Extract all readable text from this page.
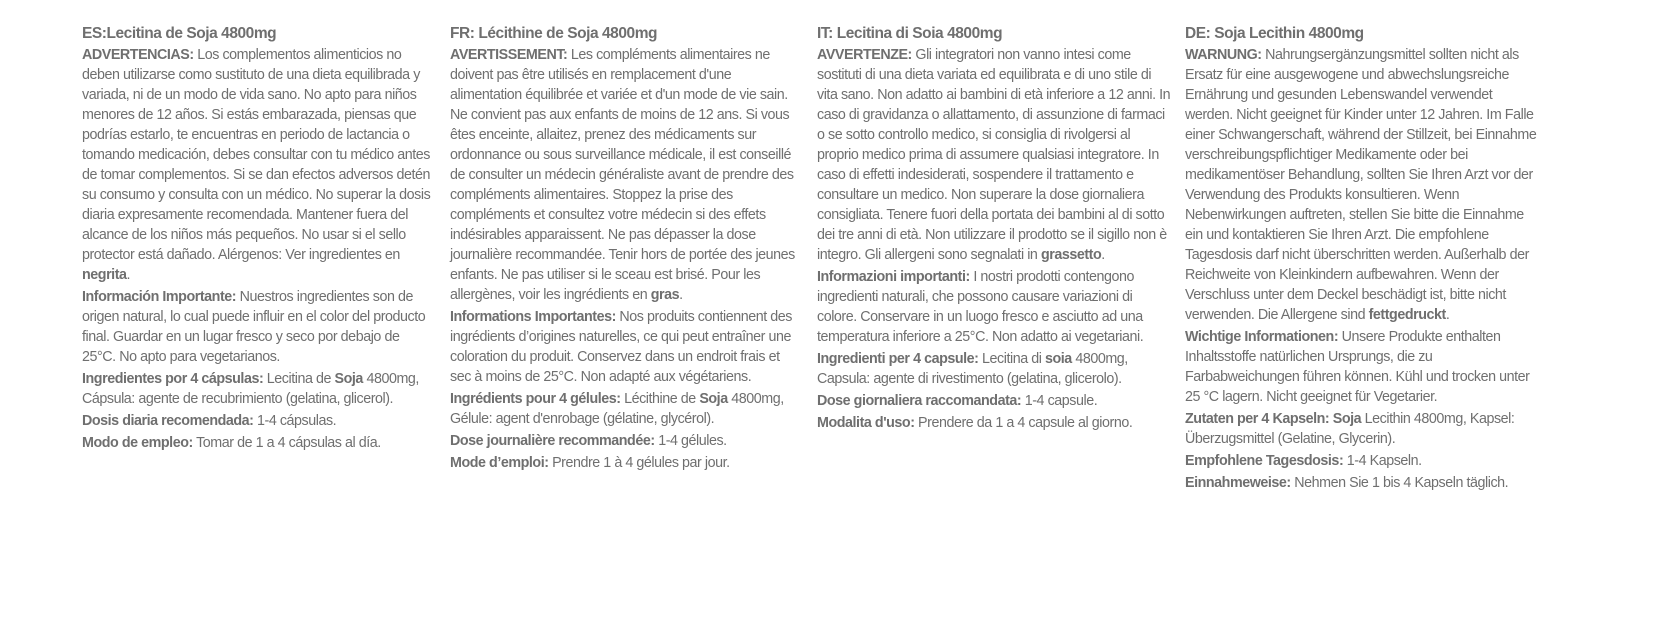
ES:Lecitina de Soja 4800mg
ADVERTENCIAS: Los complementos alimenticios no deben utilizarse como sustituto de una dieta equilibrada y variada, ni de un modo de vida sano. No apto para niños menores de 12 años. Si estás embarazada, piensas que podrías estarlo, te encuentras en periodo de lactancia o tomando medicación, debes consultar con tu médico antes de tomar complementos. Si se dan efectos adversos detén su consumo y consulta con un médico. No superar la dosis diaria expresamente recomendada. Mantener fuera del alcance de los niños más pequeños. No usar si el sello protector está dañado. Alérgenos: Ver ingredientes en negrita.
Información Importante: Nuestros ingredientes son de origen natural, lo cual puede influir en el color del producto final. Guardar en un lugar fresco y seco por debajo de 25°C. No apto para vegetarianos.
Ingredientes por 4 cápsulas: Lecitina de Soja 4800mg, Cápsula: agente de recubrimiento (gelatina, glicerol).
Dosis diaria recomendada: 1-4 cápsulas.
Modo de empleo: Tomar de 1 a 4 cápsulas al día.
FR: Lécithine de Soja 4800mg
AVERTISSEMENT: Les compléments alimentaires ne doivent pas être utilisés en remplacement d'une alimentation équilibrée et variée et d'un mode de vie sain. Ne convient pas aux enfants de moins de 12 ans. Si vous êtes enceinte, allaitez, prenez des médicaments sur ordonnance ou sous surveillance médicale, il est conseillé de consulter un médecin généraliste avant de prendre des compléments alimentaires. Stoppez la prise des compléments et consultez votre médecin si des effets indésirables apparaissent. Ne pas dépasser la dose journalière recommandée. Tenir hors de portée des jeunes enfants. Ne pas utiliser si le sceau est brisé. Pour les allergènes, voir les ingrédients en gras.
Informations Importantes: Nos produits contiennent des ingrédients d’origines naturelles, ce qui peut entraîner une coloration du produit. Conservez dans un endroit frais et sec à moins de 25°C. Non adapté aux végétariens.
Ingrédients pour 4 gélules: Lécithine de Soja 4800mg, Gélule: agent d'enrobage (gélatine, glycérol).
Dose journalière recommandée: 1-4 gélules.
Mode d’emploi: Prendre 1 à 4 gélules par jour.
IT: Lecitina di Soia 4800mg
AVVERTENZE: Gli integratori non vanno intesi come sostituti di una dieta variata ed equilibrata e di uno stile di vita sano. Non adatto ai bambini di età inferiore a 12 anni. In caso di gravidanza o allattamento, di assunzione di farmaci o se sotto controllo medico, si consiglia di rivolgersi al proprio medico prima di assumere qualsiasi integratore. In caso di effetti indesiderati, sospendere il trattamento e consultare un medico. Non superare la dose giornaliera consigliata. Tenere fuori della portata dei bambini al di sotto dei tre anni di età. Non utilizzare il prodotto se il sigillo non è integro. Gli allergeni sono segnalati in grassetto.
Informazioni importanti: I nostri prodotti contengono ingredienti naturali, che possono causare variazioni di colore. Conservare in un luogo fresco e asciutto ad una temperatura inferiore a 25°C. Non adatto ai vegetariani.
Ingredienti per 4 capsule: Lecitina di soia 4800mg, Capsula: agente di rivestimento (gelatina, glicerolo).
Dose giornaliera raccomandata: 1-4 capsule.
Modalita d'uso: Prendere da 1 a 4 capsule al giorno.
DE: Soja Lecithin 4800mg
WARNUNG: Nahrungsergänzungsmittel sollten nicht als Ersatz für eine ausgewogene und abwechslungsreiche Ernährung und gesunden Lebenswandel verwendet werden. Nicht geeignet für Kinder unter 12 Jahren. Im Falle einer Schwangerschaft, während der Stillzeit, bei Einnahme verschreibungspflichtiger Medikamente oder bei medikamentöser Behandlung, sollten Sie Ihren Arzt vor der Verwendung des Produkts konsultieren. Wenn Nebenwirkungen auftreten, stellen Sie bitte die Einnahme ein und kontaktieren Sie Ihren Arzt. Die empfohlene Tagesdosis darf nicht überschritten werden. Außerhalb der Reichweite von Kleinkindern aufbewahren. Wenn der Verschluss unter dem Deckel beschädigt ist, bitte nicht verwenden. Die Allergene sind fettgedruckt.
Wichtige Informationen: Unsere Produkte enthalten Inhaltsstoffe natürlichen Ursprungs, die zu Farbabweichungen führen können. Kühl und trocken unter 25 °C lagern. Nicht geeignet für Vegetarier.
Zutaten per 4 Kapseln: Soja Lecithin 4800mg, Kapsel: Überzugsmittel (Gelatine, Glycerin).
Empfohlene Tagesdosis: 1-4 Kapseln.
Einnahmeweise: Nehmen Sie 1 bis 4 Kapseln täglich.
